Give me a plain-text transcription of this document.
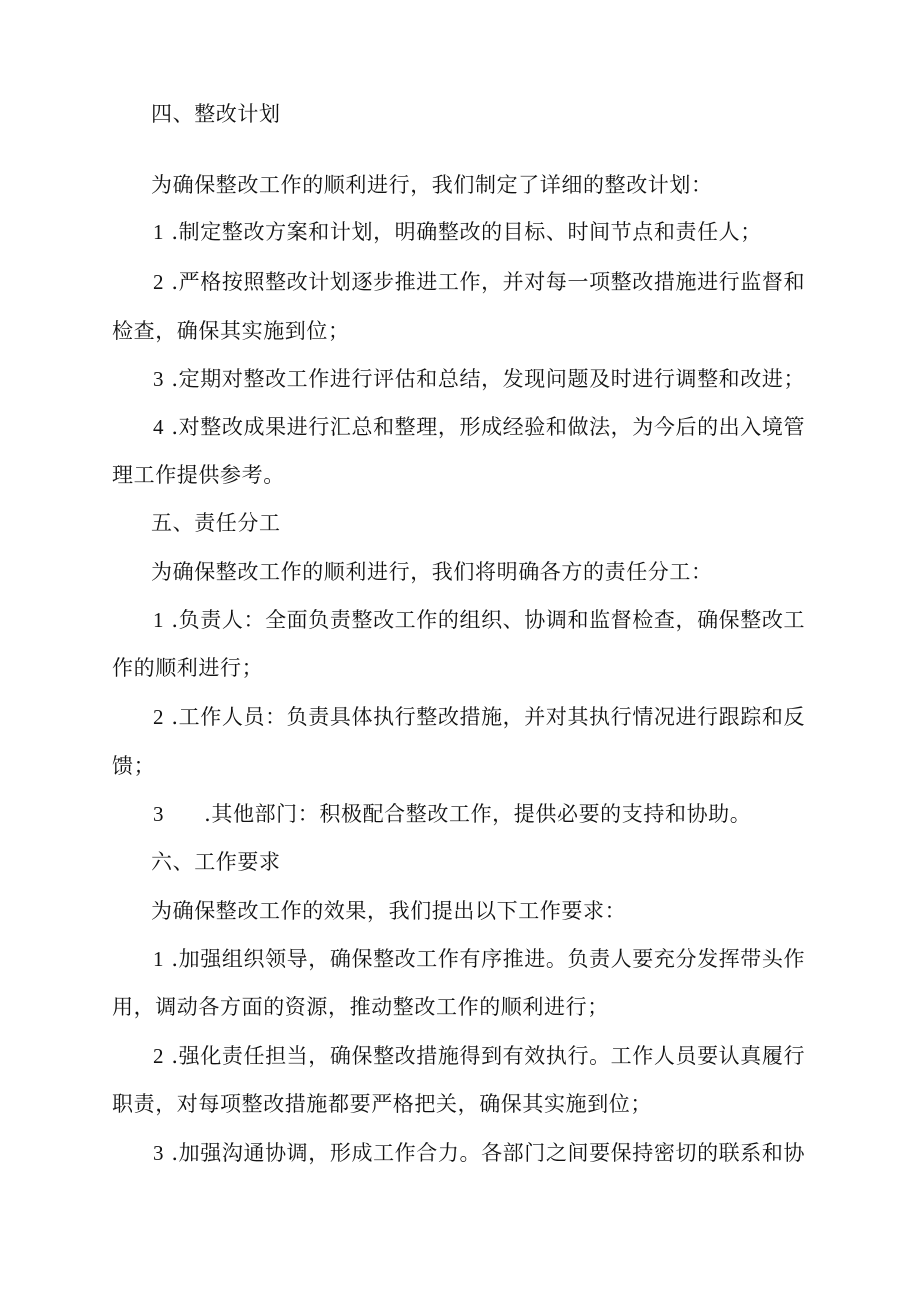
四、整改计划
为确保整改工作的顺利进行，我们制定了详细的整改计划：
1 .制定整改方案和计划，明确整改的目标、时间节点和责任人；
2 .严格按照整改计划逐步推进工作，并对每一项整改措施进行监督和
检查，确保其实施到位；
3 .定期对整改工作进行评估和总结，发现问题及时进行调整和改进；
4 .对整改成果进行汇总和整理，形成经验和做法，为今后的出入境管
理工作提供参考。
五、责任分工
为确保整改工作的顺利进行，我们将明确各方的责任分工：
1 .负责人：全面负责整改工作的组织、协调和监督检查，确保整改工
作的顺利进行；
2 .工作人员：负责具体执行整改措施，并对其执行情况进行跟踪和反
馈；
3 .其他部门：积极配合整改工作，提供必要的支持和协助。
六、工作要求
为确保整改工作的效果，我们提出以下工作要求：
1 .加强组织领导，确保整改工作有序推进。负责人要充分发挥带头作
用，调动各方面的资源，推动整改工作的顺利进行；
2 .强化责任担当，确保整改措施得到有效执行。工作人员要认真履行
职责，对每项整改措施都要严格把关，确保其实施到位；
3 .加强沟通协调，形成工作合力。各部门之间要保持密切的联系和协
